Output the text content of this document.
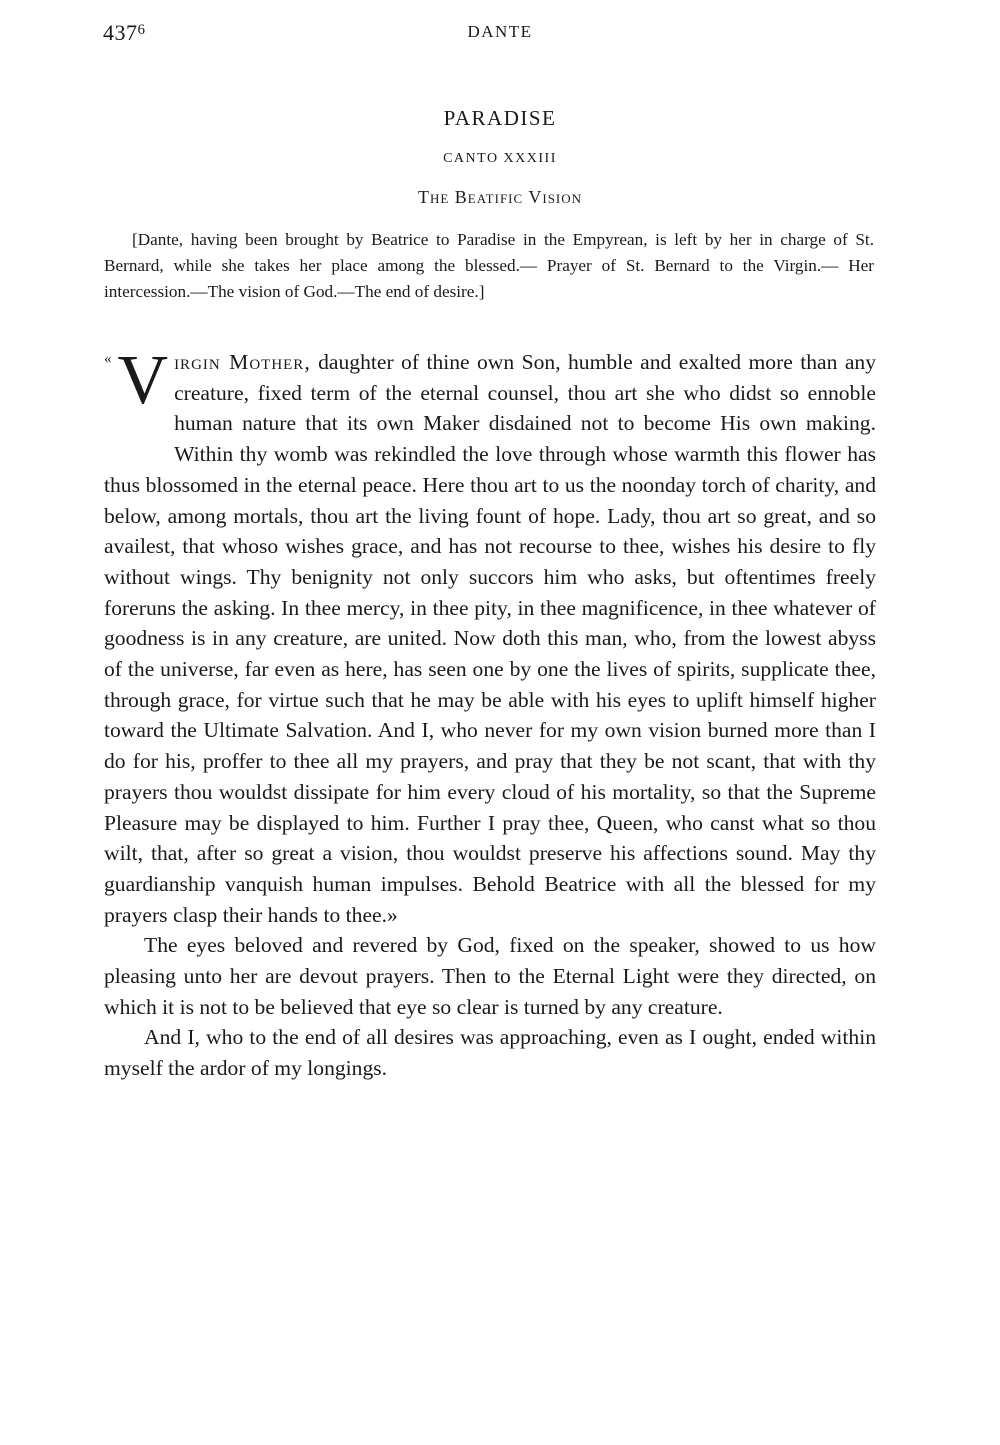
$437^6$	DANTE
PARADISE
CANTO XXXIII
The Beatific Vision
[Dante, having been brought by Beatrice to Paradise in the Empyrean, is left by her in charge of St. Bernard, while she takes her place among the blessed.— Prayer of St. Bernard to the Virgin.— Her intercession.—The vision of God.—The end of desire.]

« V irgin Mother, daughter of thine own Son, humble and exalted more than any creature, fixed term of the eternal counsel, thou art she who didst so ennoble human nature that its own Maker disdained not to become His own making. Within thy womb was rekindled the love through whose warmth this flower has thus blossomed in the eternal peace. Here thou art to us the noonday torch of charity, and below, among mortals, thou art the living fount of hope. Lady, thou art so great, and so availest, that whoso wishes grace, and has not recourse to thee, wishes his desire to fly without wings. Thy benignity not only succors him who asks, but oftentimes freely foreruns the asking. In thee mercy, in thee pity, in thee magnificence, in thee whatever of goodness is in any creature, are united. Now doth this man, who, from the lowest abyss of the universe, far even as here, has seen one by one the lives of spirits, supplicate thee, through grace, for virtue such that he may be able with his eyes to uplift himself higher toward the Ultimate Salvation. And I, who never for my own vision burned more than I do for his, proffer to thee all my prayers, and pray that they be not scant, that with thy prayers thou wouldst dissipate for him every cloud of his mortality, so that the Supreme Pleasure may be displayed to him. Further I pray thee, Queen, who canst what so thou wilt, that, after so great a vision, thou wouldst preserve his affections sound. May thy guardianship vanquish human impulses. Behold Beatrice with all the blessed for my prayers clasp their hands to thee.»

The eyes beloved and revered by God, fixed on the speaker, showed to us how pleasing unto her are devout prayers. Then to the Eternal Light were they directed, on which it is not to be believed that eye so clear is turned by any creature.

And I, who to the end of all desires was approaching, even as I ought, ended within myself the ardor of my longings.
